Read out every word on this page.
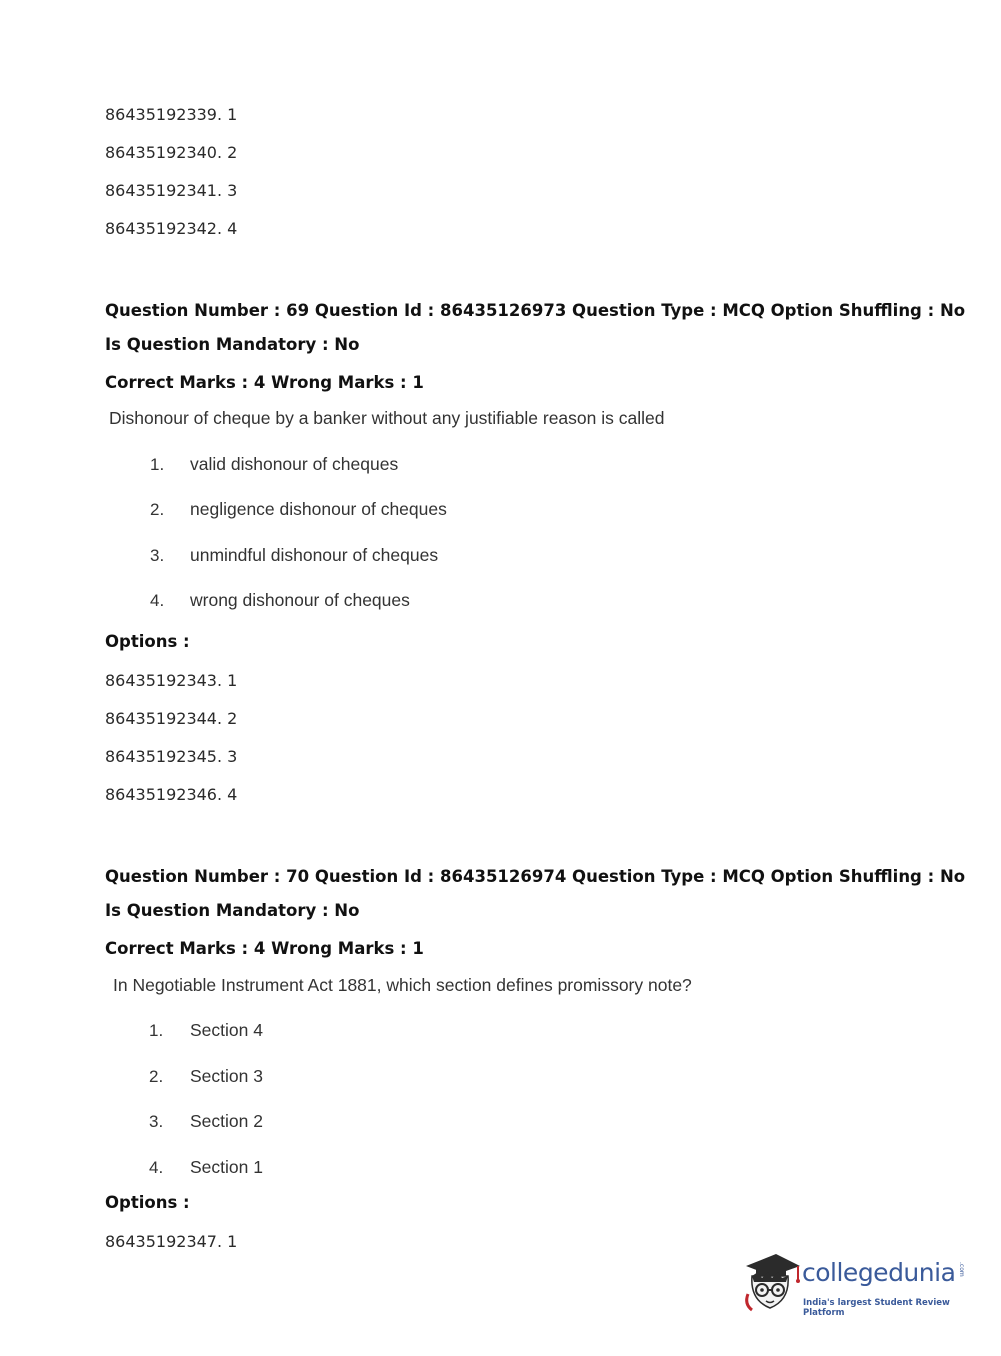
86435192339. 1
86435192340. 2
86435192341. 3
86435192342. 4
Question Number : 69 Question Id : 86435126973 Question Type : MCQ Option Shuffling : No
Is Question Mandatory : No
Correct Marks : 4 Wrong Marks : 1
Dishonour of cheque by a banker without any justifiable reason is called
1. valid dishonour of cheques
2. negligence dishonour of cheques
3. unmindful dishonour of cheques
4. wrong dishonour of cheques
Options :
86435192343. 1
86435192344. 2
86435192345. 3
86435192346. 4
Question Number : 70 Question Id : 86435126974 Question Type : MCQ Option Shuffling : No
Is Question Mandatory : No
Correct Marks : 4 Wrong Marks : 1
In Negotiable Instrument Act 1881, which section defines promissory note?
1. Section 4
2. Section 3
3. Section 2
4. Section 1
Options :
86435192347. 1
collegedunia .com
India's largest Student Review Platform
